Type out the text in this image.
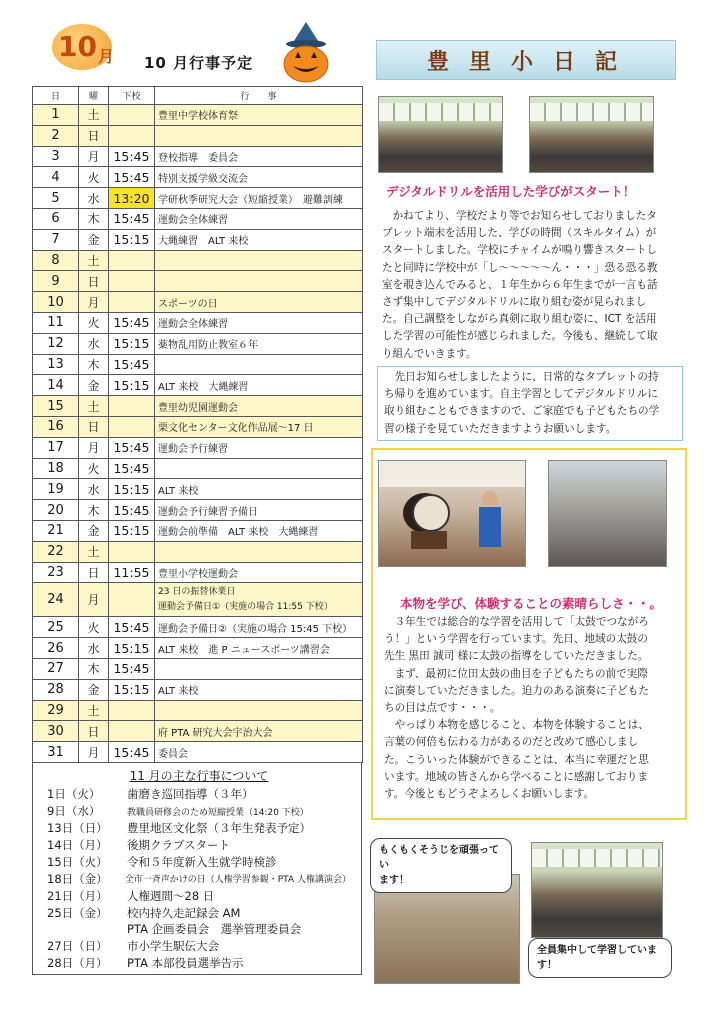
10 月 10 月行事予定
日	曜	下校	行　　事
1	土		豊里中学校体育祭
2	日		
3	月	15:45	登校指導　委員会
4	火	15:45	特別支援学級交流会
5	水	13:20	学研秋季研究大会（短縮授業）　避難訓練
6	木	15:45	運動会全体練習
7	金	15:15	大縄練習　ALT 来校
8	土		
9	日		
10	月		スポーツの日
11	火	15:45	運動会全体練習
12	水	15:15	薬物乱用防止教室６年
13	木	15:45	
14	金	15:15	ALT 来校　大縄練習
15	土		豊里幼児園運動会
16	日		栗文化センター文化作品展～17 日
17	月	15:45	運動会予行練習
18	火	15:45	
19	水	15:15	ALT 来校
20	木	15:45	運動会予行練習予備日
21	金	15:15	運動会前準備　ALT 来校　大縄練習
22	土		
23	日	11:55	豊里小学校運動会
24	月		23 日の振替休業日
運動会予備日①（実施の場合 11:55 下校）

25	火	15:45	運動会予備日②（実施の場合 15:45 下校）
26	水	15:15	ALT 来校　進 P ニュースポーツ講習会
27	木	15:45	
28	金	15:15	ALT 来校
29	土		
30	日		府 PTA 研究大会宇治大会
31	月	15:45	委員会
11 月の主な行事について
1日（火）	歯磨き巡回指導（３年）
9日（水）	教職員研修会のため短縮授業（14:20 下校）
13日（日）	豊里地区文化祭（３年生発表予定）
14日（月）	後期クラブスタート
15日（火）	令和５年度新入生就学時検診
18日（金）	全市一斉声かけの日（人権学習参観・PTA 人権講演会）
21日（月）	人権週間～28 日
25日（金）	校内持久走記録会 AM
PTA 企画委員会　選挙管理委員会
27日（日）	市小学生駅伝大会
28日（月）	PTA 本部役員選挙告示
豊 里 小 日 記
デジタルドリルを活用した学びがスタート！
かねてより、学校だより等でお知らせしておりましたタ
ブレット端末を活用した、学びの時間（スキルタイム）が
スタートしました。学校にチャイムが鳴り響きスタートし
たと同時に学校中が「し～～～～～ん・・・」恐る恐る教
室を覗き込んでみると、１年生から６年生までが一言も話
さず集中してデジタルドリルに取り組む姿が見られまし
た。自己調整をしながら真剣に取り組む姿に、ICT を活用
した学習の可能性が感じられました。今後も、継続して取
り組んでいきます。
先日お知らせしましたように、日常的なタブレットの持
ち帰りを進めています。自主学習としてデジタルドリルに
取り組むこともできますので、ご家庭でも子どもたちの学
習の様子を見ていただきますようお願いします。
本物を学び、体験することの素晴らしさ・・。
３年生では総合的な学習を活用して「太鼓でつながろ
う！」という学習を行っています。先日、地域の太鼓の
先生 黒田 誠司 様に太鼓の指導をしていただきました。
まず、最初に位田太鼓の曲目を子どもたちの前で実際
に演奏していただきました。迫力のある演奏に子どもた
ちの目は点です・・・。
やっぱり本物を感じること、本物を体験することは、
言葉の何倍も伝わる力があるのだと改めて感心しまし
た。こういった体験ができることは、本当に幸運だと思
います。地域の皆さんから学べることに感謝しておりま
す。今後ともどうぞよろしくお願いします。
もくもくそうじを頑張ってい
ます！
全員集中して学習していま
す！
